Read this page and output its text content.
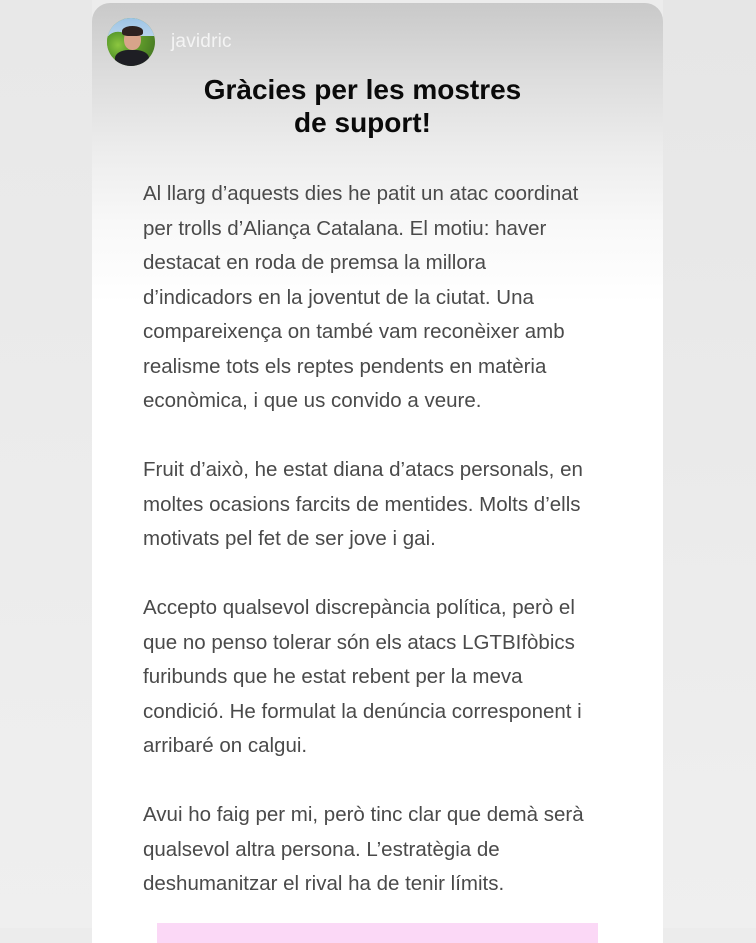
javidric
Gràcies per les mostres
de suport!

Al llarg d’aquests dies he patit un atac coordinat
per trolls d’Aliança Catalana. El motiu: haver
destacat en roda de premsa la millora
d’indicadors en la joventut de la ciutat. Una
compareixença on també vam reconèixer amb
realisme tots els reptes pendents en matèria
econòmica, i que us convido a veure.

Fruit d’això, he estat diana d’atacs personals, en
moltes ocasions farcits de mentides. Molts d’ells
motivats pel fet de ser jove i gai.

Accepto qualsevol discrepància política, però el
que no penso tolerar són els atacs LGTBIfòbics
furibunds que he estat rebent per la meva
condició. He formulat la denúncia corresponent i
arribaré on calgui.

Avui ho faig per mi, però tinc clar que demà serà
qualsevol altra persona. L’estratègia de
deshumanitzar el rival ha de tenir límits.
